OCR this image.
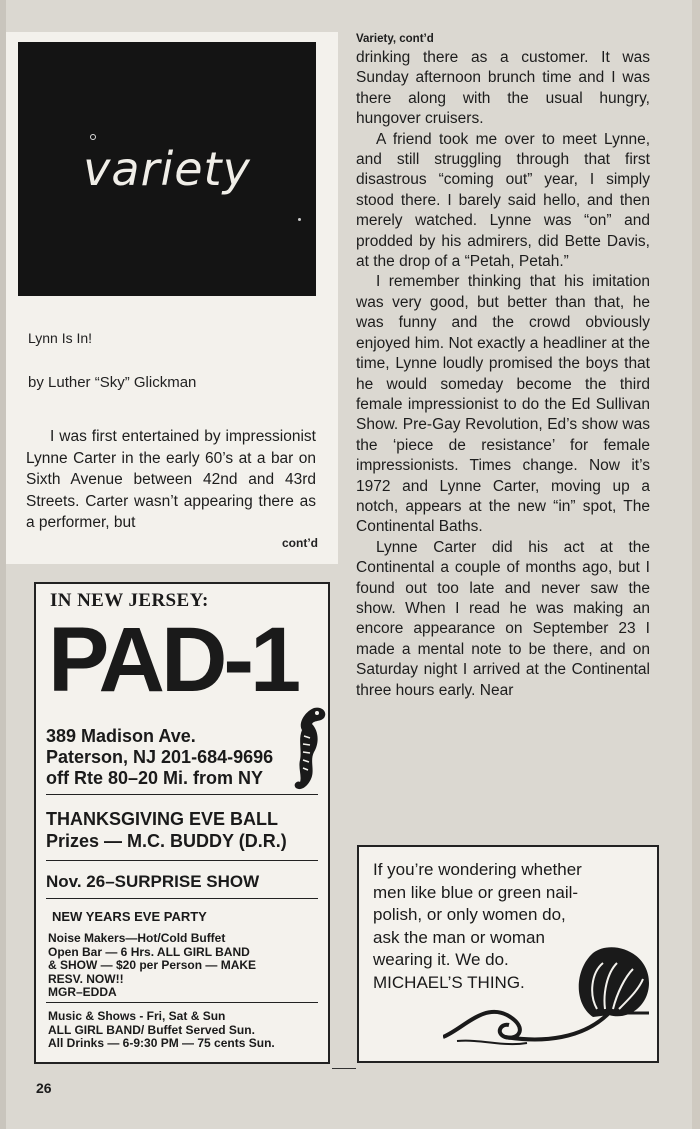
variety
Lynn Is In!
by Luther “Sky” Glickman

I was first entertained by impressionist Lynne Carter in the early 60’s at a bar on Sixth Avenue between 42nd and 43rd Streets. Carter wasn’t appearing there as a performer, but

cont’d
Variety, cont’d

drinking there as a customer. It was Sunday afternoon brunch time and I was there along with the usual hungry, hungover cruisers.

A friend took me over to meet Lynne, and still struggling through that first disastrous “coming out” year, I simply stood there. I barely said hello, and then merely watched. Lynne was “on” and prodded by his admirers, did Bette Davis, at the drop of a “Petah, Petah.”

I remember thinking that his imitation was very good, but better than that, he was funny and the crowd obviously enjoyed him. Not exactly a headliner at the time, Lynne loudly promised the boys that he would someday become the third female impressionist to do the Ed Sullivan Show. Pre-Gay Revolution, Ed’s show was the ‘piece de resistance’ for female impressionists. Times change. Now it’s 1972 and Lynne Carter, moving up a notch, appears at the new “in” spot, The Continental Baths.

Lynne Carter did his act at the Continental a couple of months ago, but I found out too late and never saw the show. When I read he was making an encore appearance on September 23 I made a mental note to be there, and on Saturday night I arrived at the Continental three hours early. Near

IN NEW JERSEY:
PAD-1
389 Madison Ave.
Paterson, NJ 201-684-9696
off Rte 80–20 Mi. from NY
THANKSGIVING EVE BALL
Prizes — M.C. BUDDY (D.R.)
Nov. 26–SURPRISE SHOW
NEW YEARS EVE PARTY
Noise Makers—Hot/Cold Buffet
Open Bar — 6 Hrs. ALL GIRL BAND
& SHOW — $20 per Person — MAKE
RESV. NOW!!
MGR–EDDA
Music & Shows - Fri, Sat & Sun
ALL GIRL BAND/ Buffet Served Sun.
All Drinks — 6-9:30 PM — 75 cents Sun.
If you’re wondering whether
men like blue or green nail-
polish, or only women do,
ask the man or woman
wearing it. We do.
MICHAEL’S THING.
26
